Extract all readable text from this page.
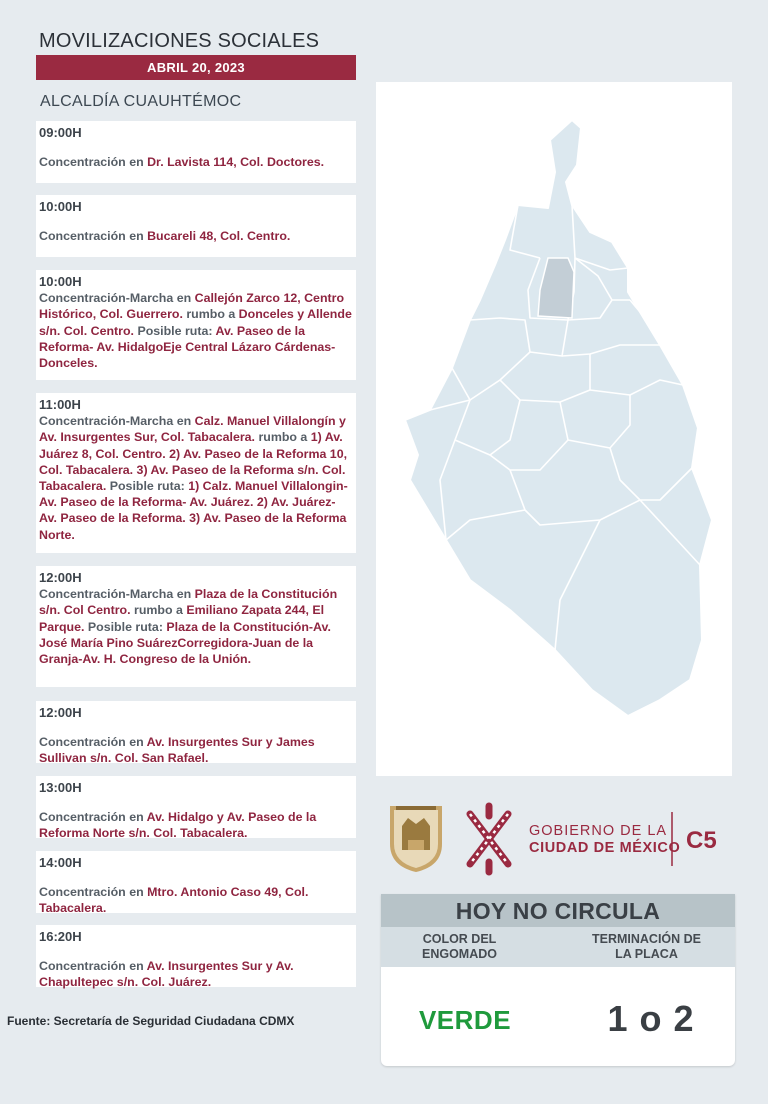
MOVILIZACIONES SOCIALES
ABRIL 20, 2023
ALCALDÍA CUAUHTÉMOC
09:00H
Concentración en Dr. Lavista 114, Col. Doctores.
10:00H
Concentración en Bucareli 48, Col. Centro.
10:00H
Concentración-Marcha en Callejón Zarco 12, Centro Histórico, Col. Guerrero. rumbo a Donceles y Allende s/n. Col. Centro. Posible ruta: Av. Paseo de la Reforma- Av. HidalgoEje Central Lázaro Cárdenas-Donceles.
11:00H
Concentración-Marcha en Calz. Manuel Villalongín y Av. Insurgentes Sur, Col. Tabacalera. rumbo a 1) Av. Juárez 8, Col. Centro. 2) Av. Paseo de la Reforma 10, Col. Tabacalera. 3) Av. Paseo de la Reforma s/n. Col. Tabacalera. Posible ruta: 1) Calz. Manuel Villalongin-Av. Paseo de la Reforma- Av. Juárez. 2) Av. Juárez-Av. Paseo de la Reforma. 3) Av. Paseo de la Reforma Norte.
12:00H
Concentración-Marcha en Plaza de la Constitución s/n. Col Centro. rumbo a Emiliano Zapata 244, El Parque. Posible ruta: Plaza de la Constitución-Av. José María Pino SuárezCorregidora-Juan de la Granja-Av. H. Congreso de la Unión.
12:00H
Concentración en Av. Insurgentes Sur y James Sullivan s/n. Col. San Rafael.
13:00H
Concentración en Av. Hidalgo y Av. Paseo de la Reforma Norte s/n. Col. Tabacalera.
14:00H
Concentración en Mtro. Antonio Caso 49, Col. Tabacalera.
16:20H
Concentración en Av. Insurgentes Sur y Av. Chapultepec s/n. Col. Juárez.
Fuente: Secretaría de Seguridad Ciudadana CDMX
GOBIERNO DE LA
CIUDAD DE MÉXICO C5
HOY NO CIRCULA
COLOR DEL ENGOMADO
TERMINACIÓN DE LA PLACA
VERDE	1 o 2
